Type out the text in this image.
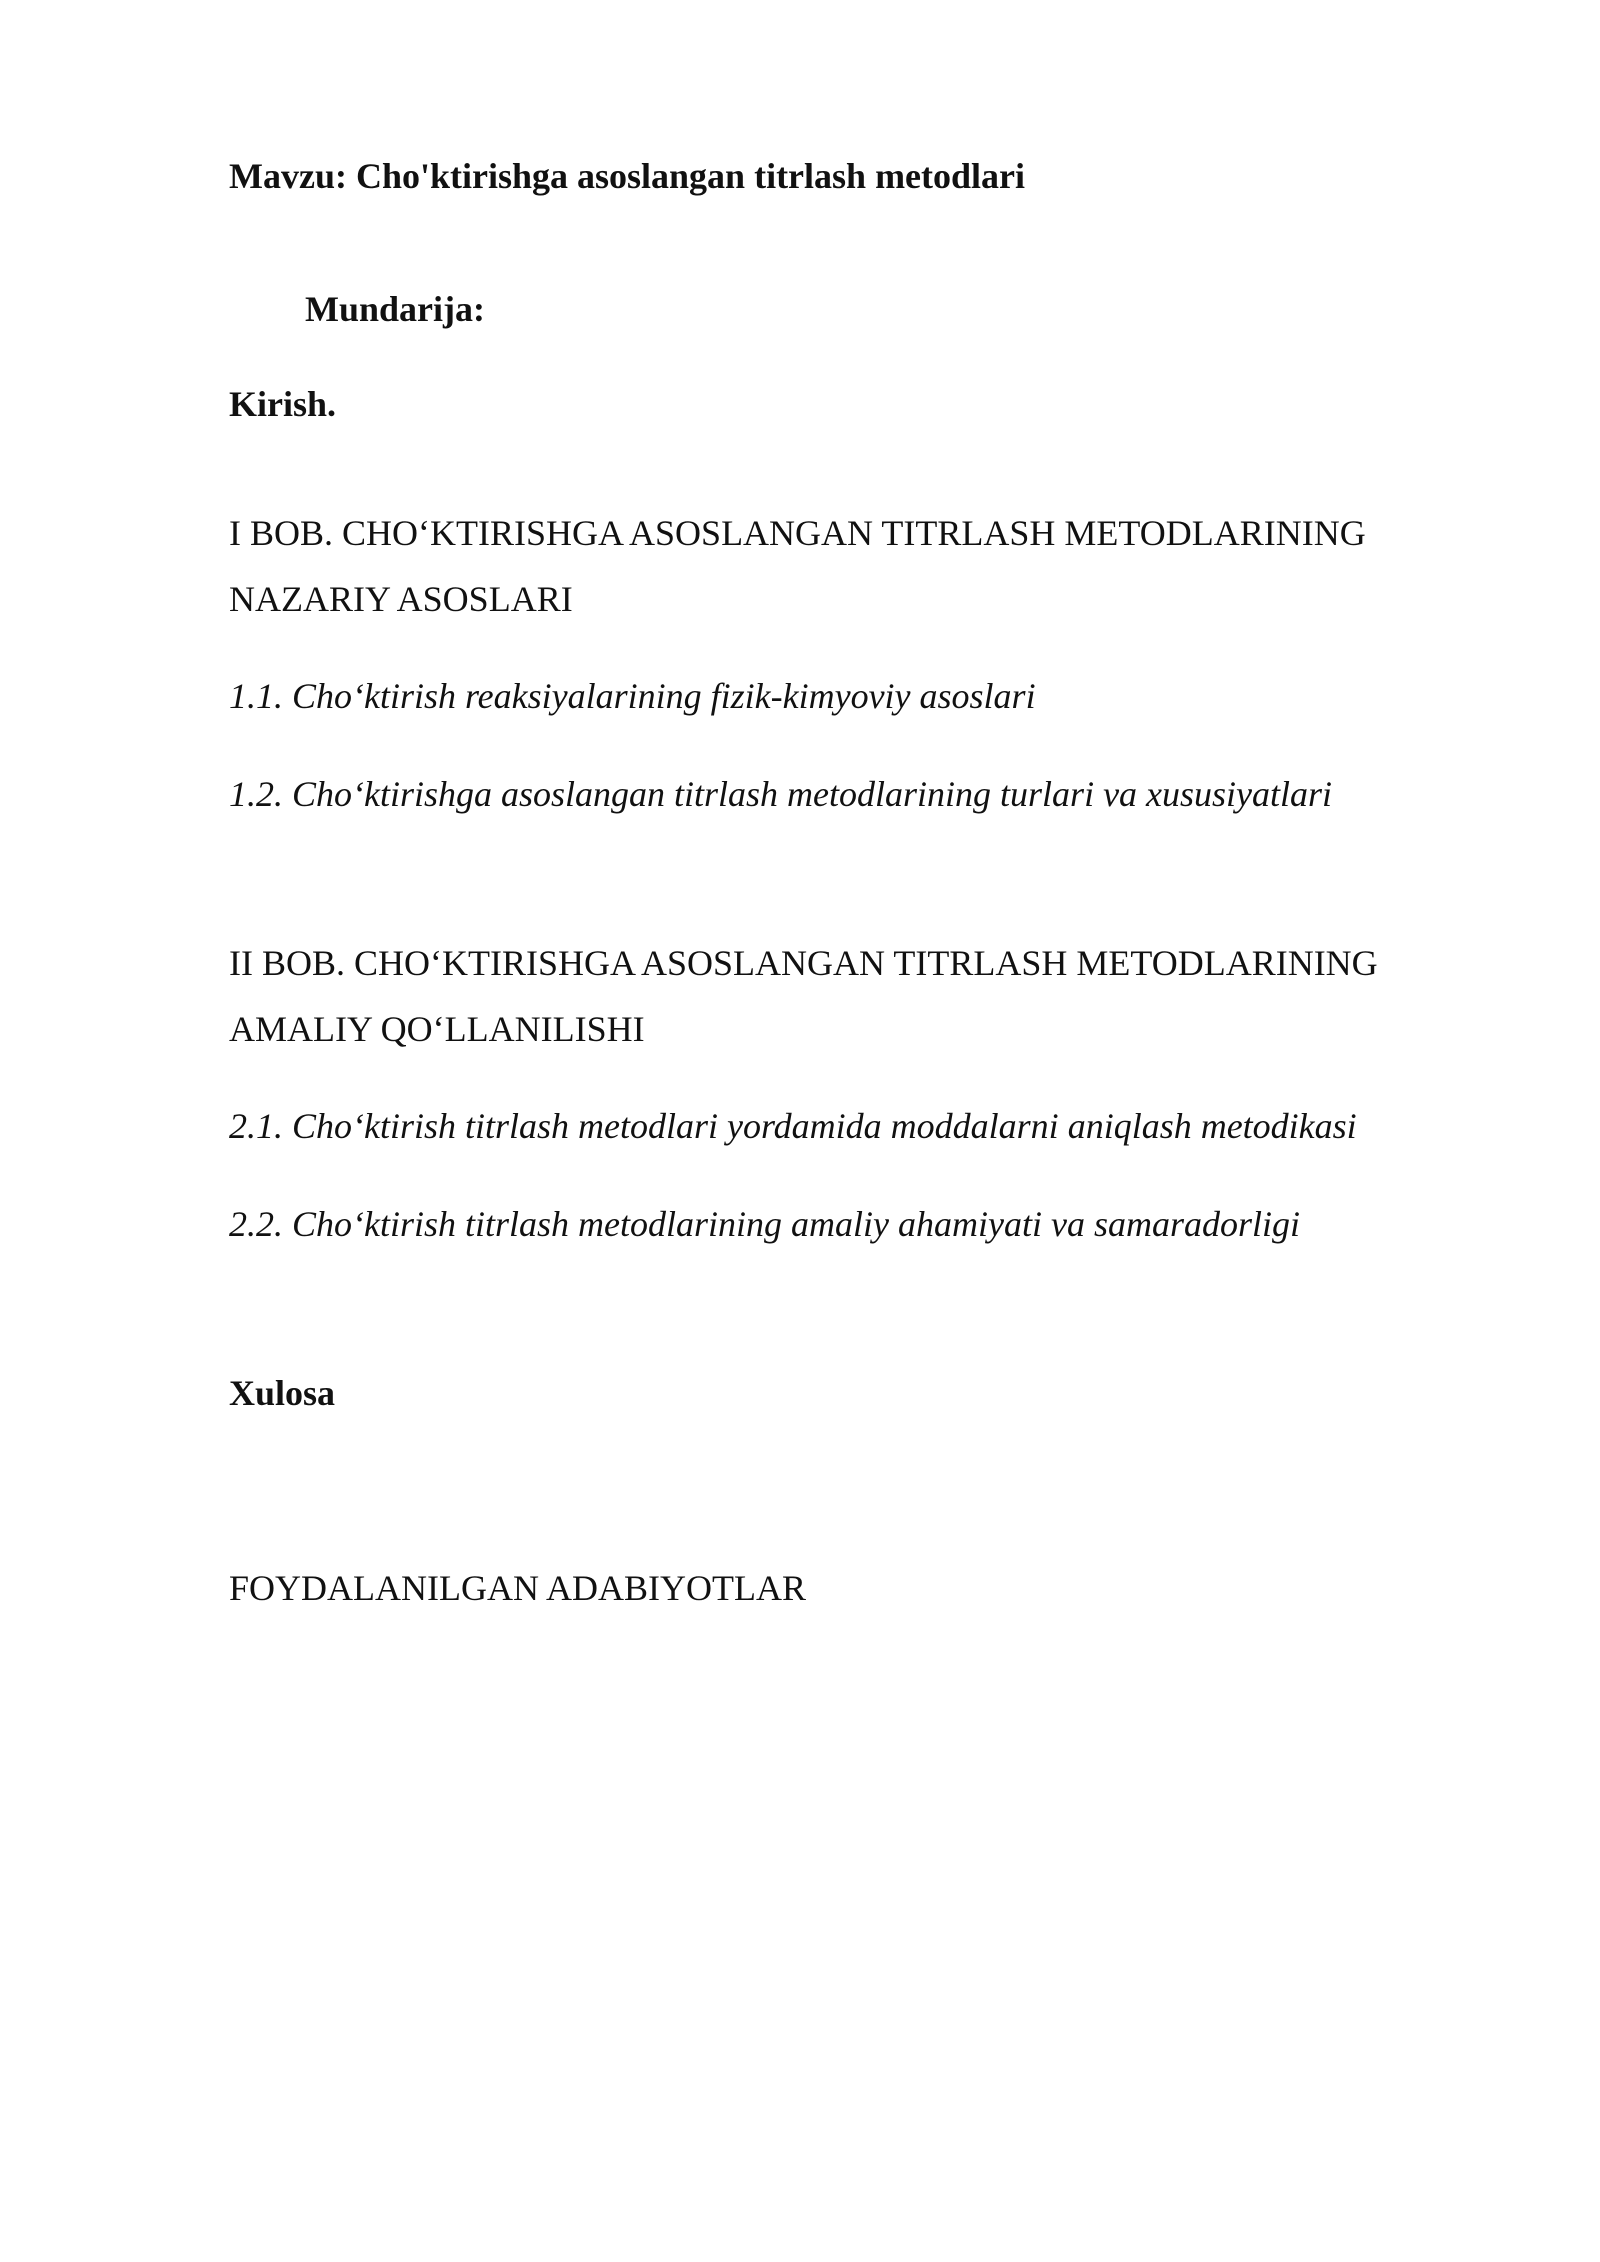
Mavzu: Cho'ktirishga asoslangan titrlash metodlari

Mundarija:

Kirish.

I BOB. CHO‘KTIRISHGA ASOSLANGAN TITRLASH METODLARINING
NAZARIY ASOSLARI

1.1. Cho‘ktirish reaksiyalarining fizik-kimyoviy asoslari

1.2. Cho‘ktirishga asoslangan titrlash metodlarining turlari va xususiyatlari

II BOB. CHO‘KTIRISHGA ASOSLANGAN TITRLASH METODLARINING
AMALIY QO‘LLANILISHI

2.1. Cho‘ktirish titrlash metodlari yordamida moddalarni aniqlash metodikasi

2.2. Cho‘ktirish titrlash metodlarining amaliy ahamiyati va samaradorligi

Xulosa

FOYDALANILGAN ADABIYOTLAR
